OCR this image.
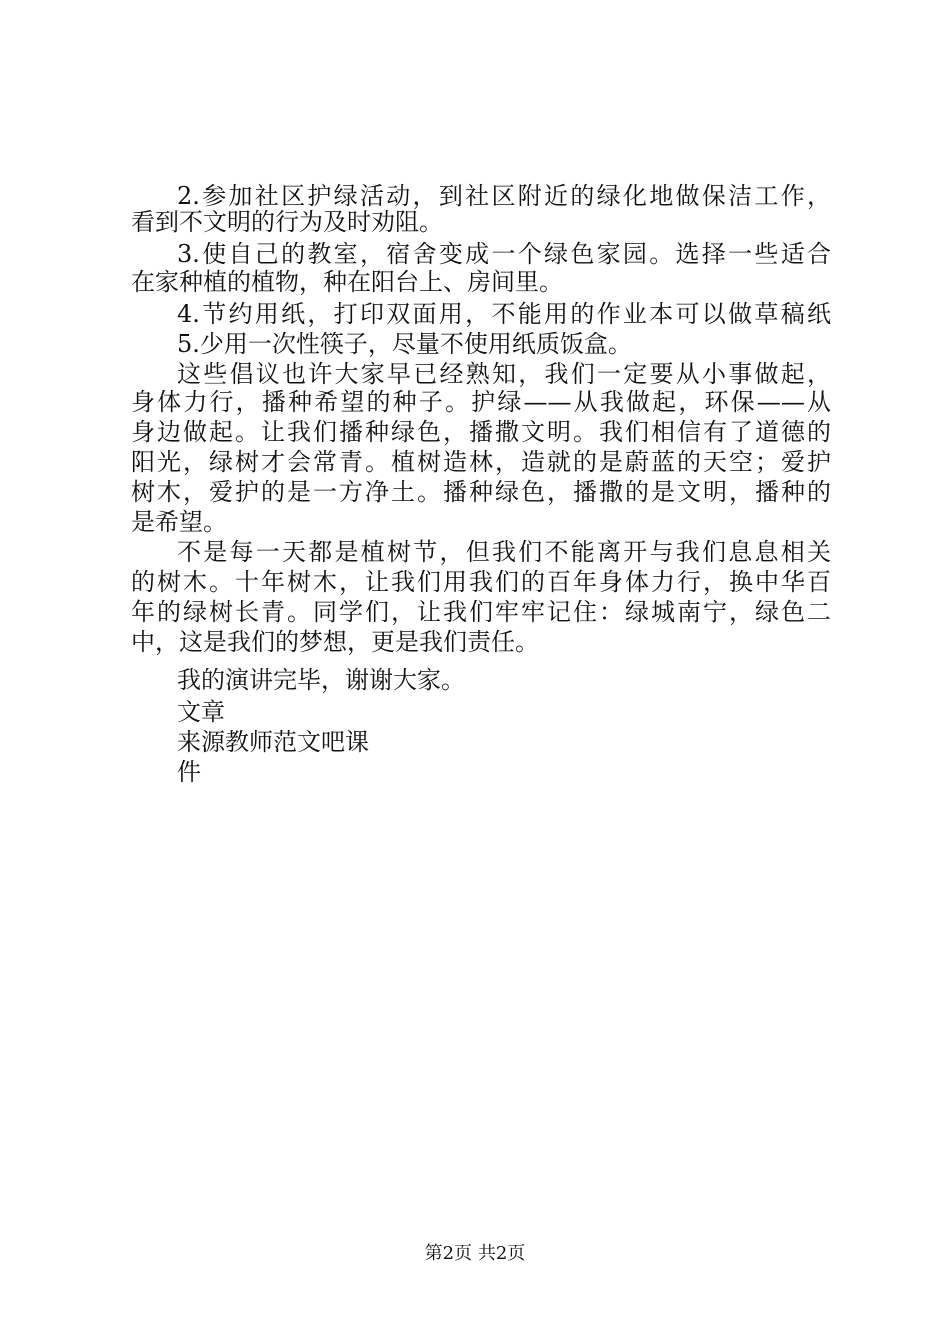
2.参加社区护绿活动，到社区附近的绿化地做保洁工作，
看到不文明的行为及时劝阻。
3.使自己的教室，宿舍变成一个绿色家园。选择一些适合
在家种植的植物，种在阳台上、房间里。
4.节约用纸，打印双面用，不能用的作业本可以做草稿纸
5.少用一次性筷子，尽量不使用纸质饭盒。
这些倡议也许大家早已经熟知，我们一定要从小事做起，
身体力行，播种希望的种子。护绿——从我做起，环保——从
身边做起。让我们播种绿色，播撒文明。我们相信有了道德的
阳光，绿树才会常青。植树造林，造就的是蔚蓝的天空；爱护
树木，爱护的是一方净土。播种绿色，播撒的是文明，播种的
是希望。
不是每一天都是植树节，但我们不能离开与我们息息相关
的树木。十年树木，让我们用我们的百年身体力行，换中华百
年的绿树长青。同学们，让我们牢牢记住：绿城南宁，绿色二
中，这是我们的梦想，更是我们责任。
我的演讲完毕，谢谢大家。
文章
来源教师范文吧课
件
第2页 共2页
